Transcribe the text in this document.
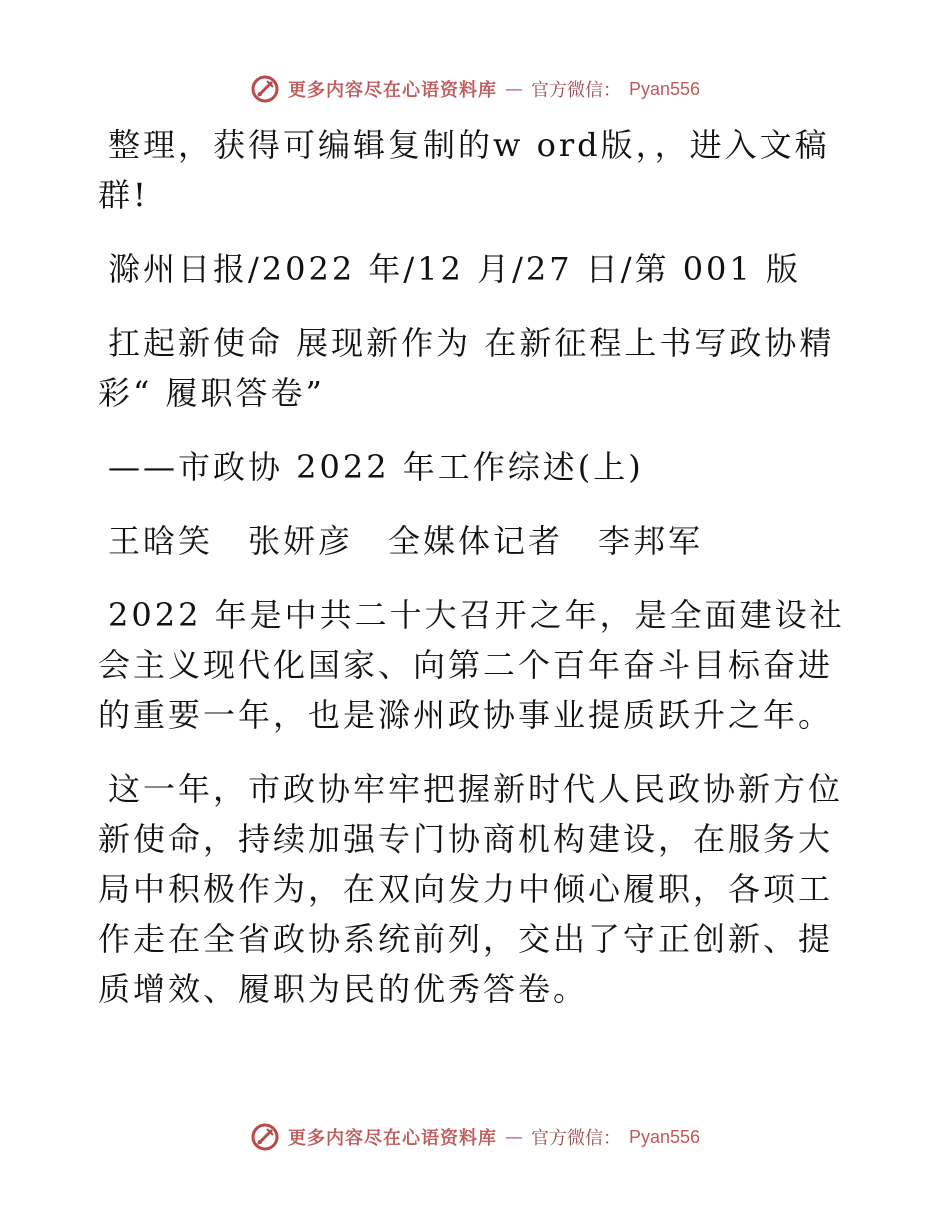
更多内容尽在心语资料库 — 官方微信： Pyan556

整理，获得可编辑复制的w ord版，，进入文稿群!

滁州日报/2022 年/12 月/27 日/第 001 版

扛起新使命 展现新作为 在新征程上书写政协精彩“ 履职答卷”

——市政协 2022 年工作综述(上)

王晗笑　张妍彦　全媒体记者　李邦军

2022 年是中共二十大召开之年，是全面建设社会主义现代化国家、向第二个百年奋斗目标奋进的重要一年，也是滁州政协事业提质跃升之年。

这一年，市政协牢牢把握新时代人民政协新方位新使命，持续加强专门协商机构建设，在服务大局中积极作为，在双向发力中倾心履职，各项工作走在全省政协系统前列，交出了守正创新、提质增效、履职为民的优秀答卷。

更多内容尽在心语资料库 — 官方微信： Pyan556
